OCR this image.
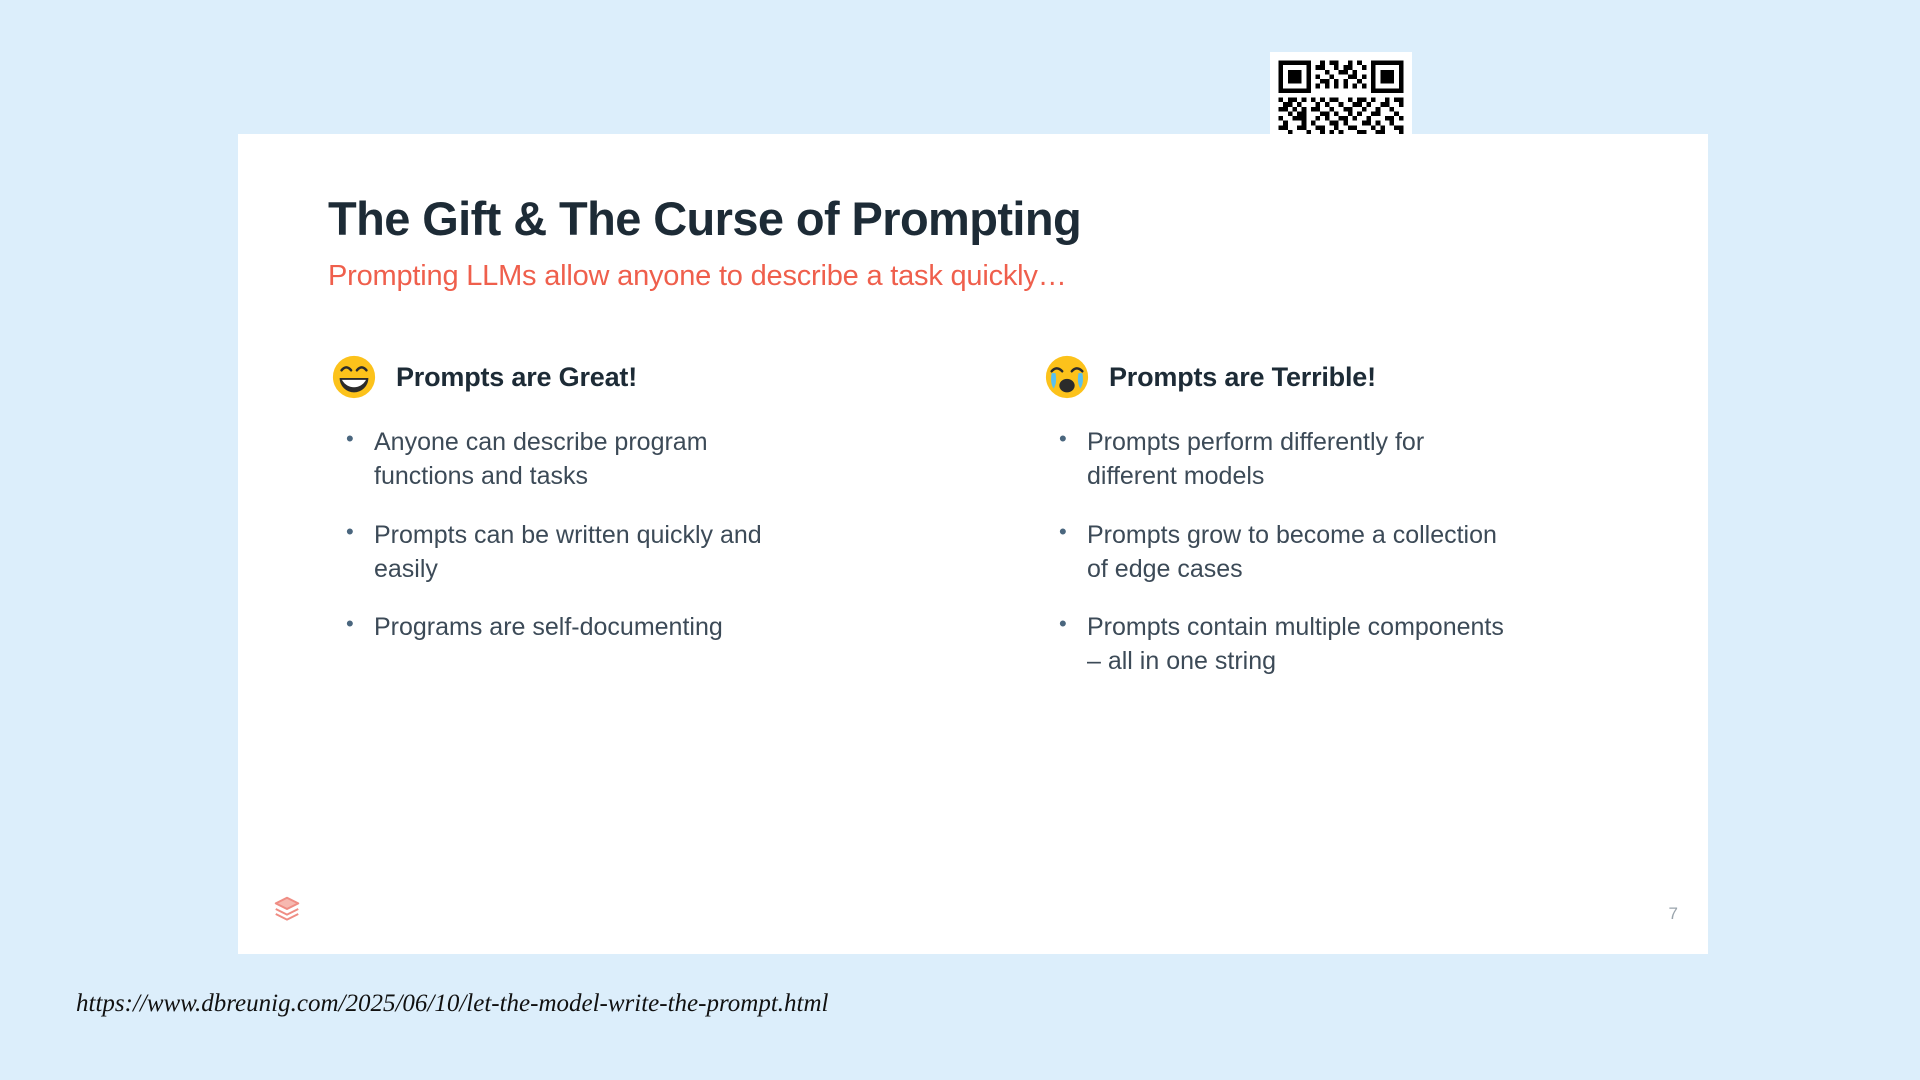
The Gift & The Curse of Prompting

Prompting LLMs allow anyone to describe a task quickly…

Prompts are Great!
• Anyone can describe program functions and tasks
• Prompts can be written quickly and easily
• Programs are self-documenting
Prompts are Terrible!
• Prompts perform differently for different models
• Prompts grow to become a collection of edge cases
• Prompts contain multiple components – all in one string
7
https://www.dbreunig.com/2025/06/10/let-the-model-write-the-prompt.html
